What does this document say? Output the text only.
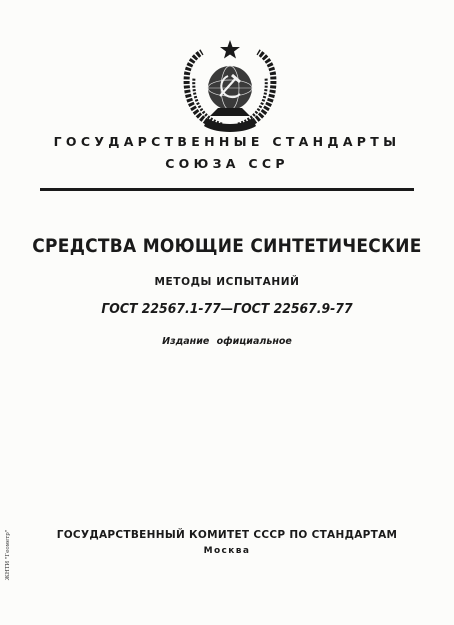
ГОСУДАРСТВЕННЫЕ СТАНДАРТЫ
СОЮЗА ССР
СРЕДСТВА МОЮЩИЕ СИНТЕТИЧЕСКИЕ
МЕТОДЫ ИСПЫТАНИЙ
ГОСТ 22567.1-77—ГОСТ 22567.9-77
Издание официальное
ГОСУДАРСТВЕННЫЙ КОМИТЕТ СССР ПО СТАНДАРТАМ
Москва
ЖНТИ "Геометр"
